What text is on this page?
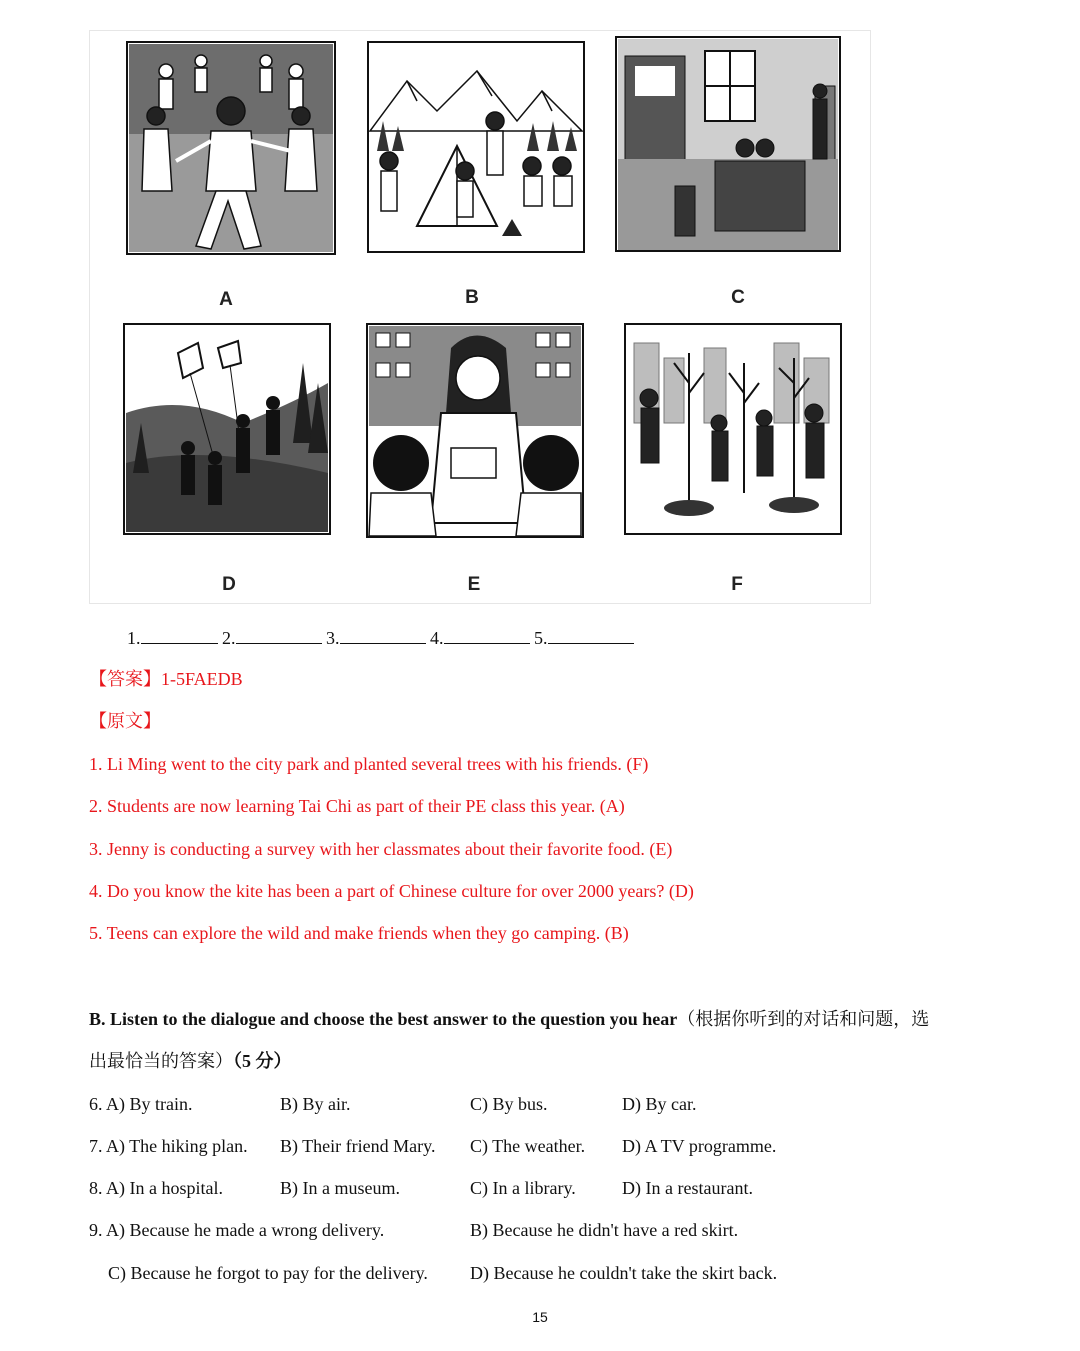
A	B	C
D	E	F
1.	2.	3.	4.	5.
【答案】1-5FAEDB
【原文】
1. Li Ming went to the city park and planted several trees with his friends. (F)
2. Students are now learning Tai Chi as part of their PE class this year. (A)
3. Jenny is conducting a survey with her classmates about their favorite food. (E)
4. Do you know the kite has been a part of Chinese culture for over 2000 years? (D)
5. Teens can explore the wild and make friends when they go camping. (B)
B. Listen to the dialogue and choose the best answer to the question you hear（根据你听到的对话和问题，选
出最恰当的答案）（5 分）
6. A) By train.	B) By air.	C) By bus.	D) By car.
7. A) The hiking plan. B) Their friend Mary. C) The weather. D) A TV programme.
8. A) In a hospital.	B) In a museum.	C) In a library.	D) In a restaurant.
9. A) Because he made a wrong delivery.	B) Because he didn't have a red skirt.
C) Because he forgot to pay for the delivery. D) Because he couldn't take the skirt back.
15
